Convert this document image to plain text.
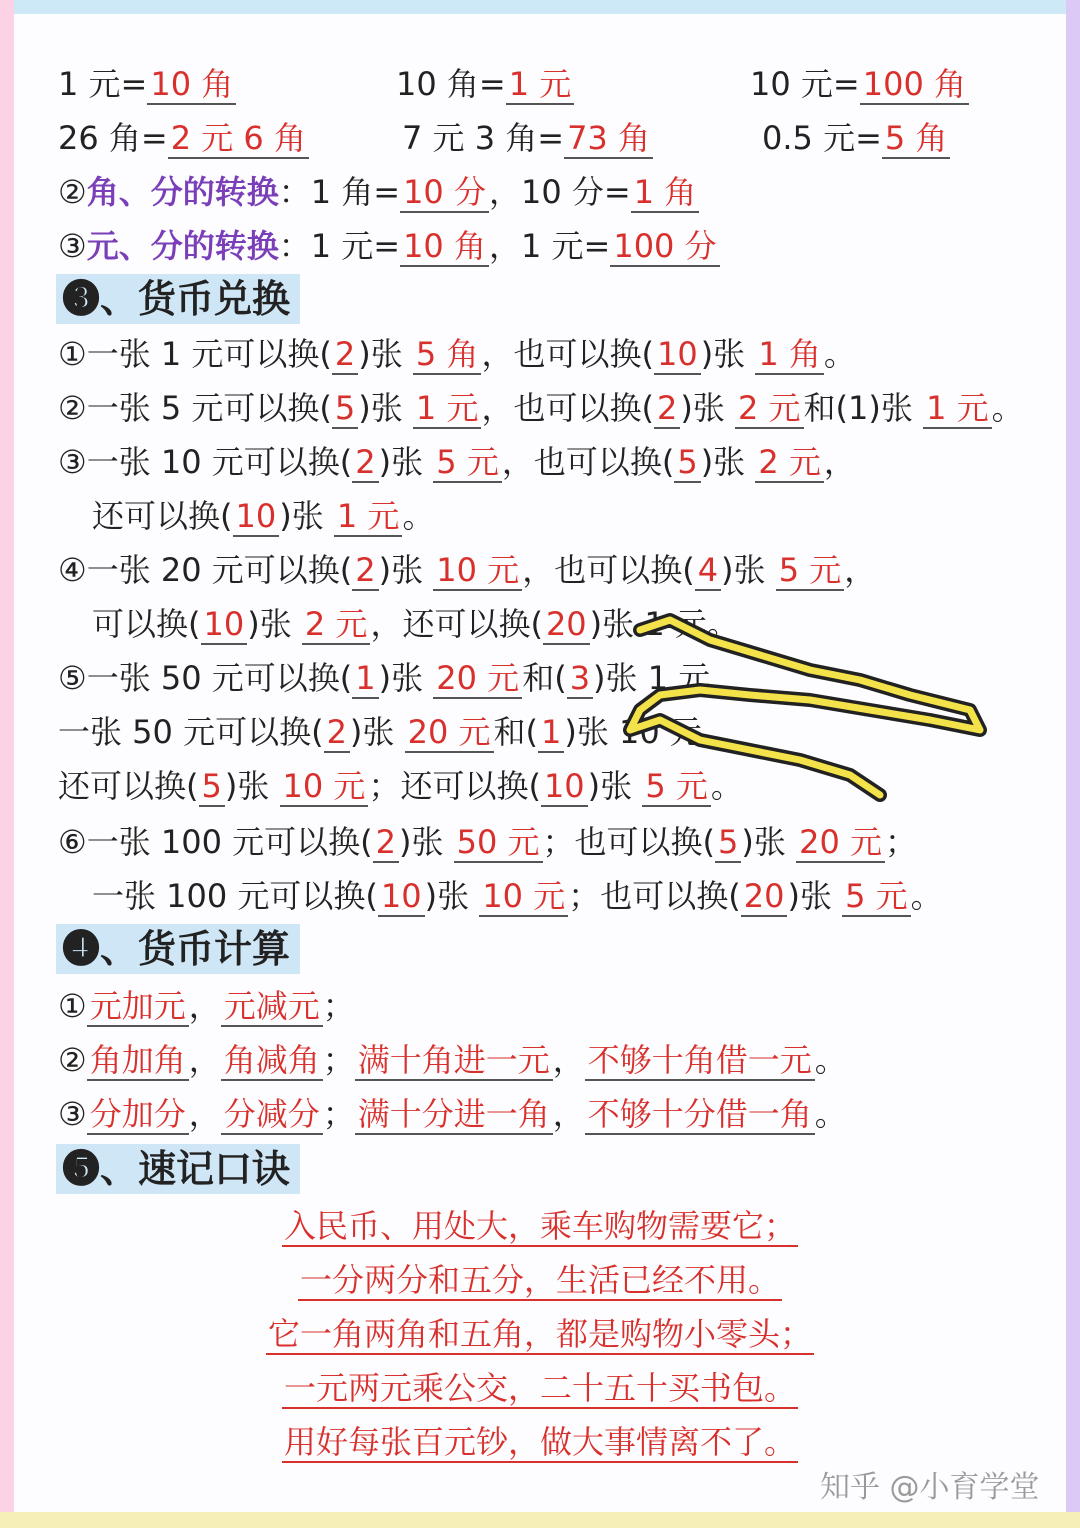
1 元=10 角	10 角=1 元	10 元=100 角
26 角=2 元 6 角	7 元 3 角=73 角	0.5 元=5 角
②角、分的转换：1 角=10 分，10 分=1 角
③元、分的转换：1 元=10 角，1 元=100 分
❸、货币兑换
①一张 1 元可以换(2)张 5 角，也可以换(10)张 1 角。
②一张 5 元可以换(5)张 1 元，也可以换(2)张 2 元和(1)张 1 元。
③一张 10 元可以换(2)张 5 元，也可以换(5)张 2 元，
还可以换(10)张 1 元。
④一张 20 元可以换(2)张 10 元，也可以换(4)张 5 元，
可以换(10)张 2 元，还可以换(20)张 1 元。
⑤一张 50 元可以换(1)张 20 元和(3)张 1 元
一张 50 元可以换(2)张 20 元和(1)张 10 元
还可以换(5)张 10 元；还可以换(10)张 5 元。
⑥一张 100 元可以换(2)张 50 元；也可以换(5)张 20 元；
一张 100 元可以换(10)张 10 元；也可以换(20)张 5 元。
❹、货币计算
①元加元，元减元；
②角加角，角减角；满十角进一元，不够十角借一元。
③分加分，分减分；满十分进一角，不够十分借一角。
❺、速记口诀
入民币、用处大，乘车购物需要它；
一分两分和五分，生活已经不用。
它一角两角和五角，都是购物小零头；
一元两元乘公交，二十五十买书包。
用好每张百元钞，做大事情离不了。
知乎 @小育学堂
